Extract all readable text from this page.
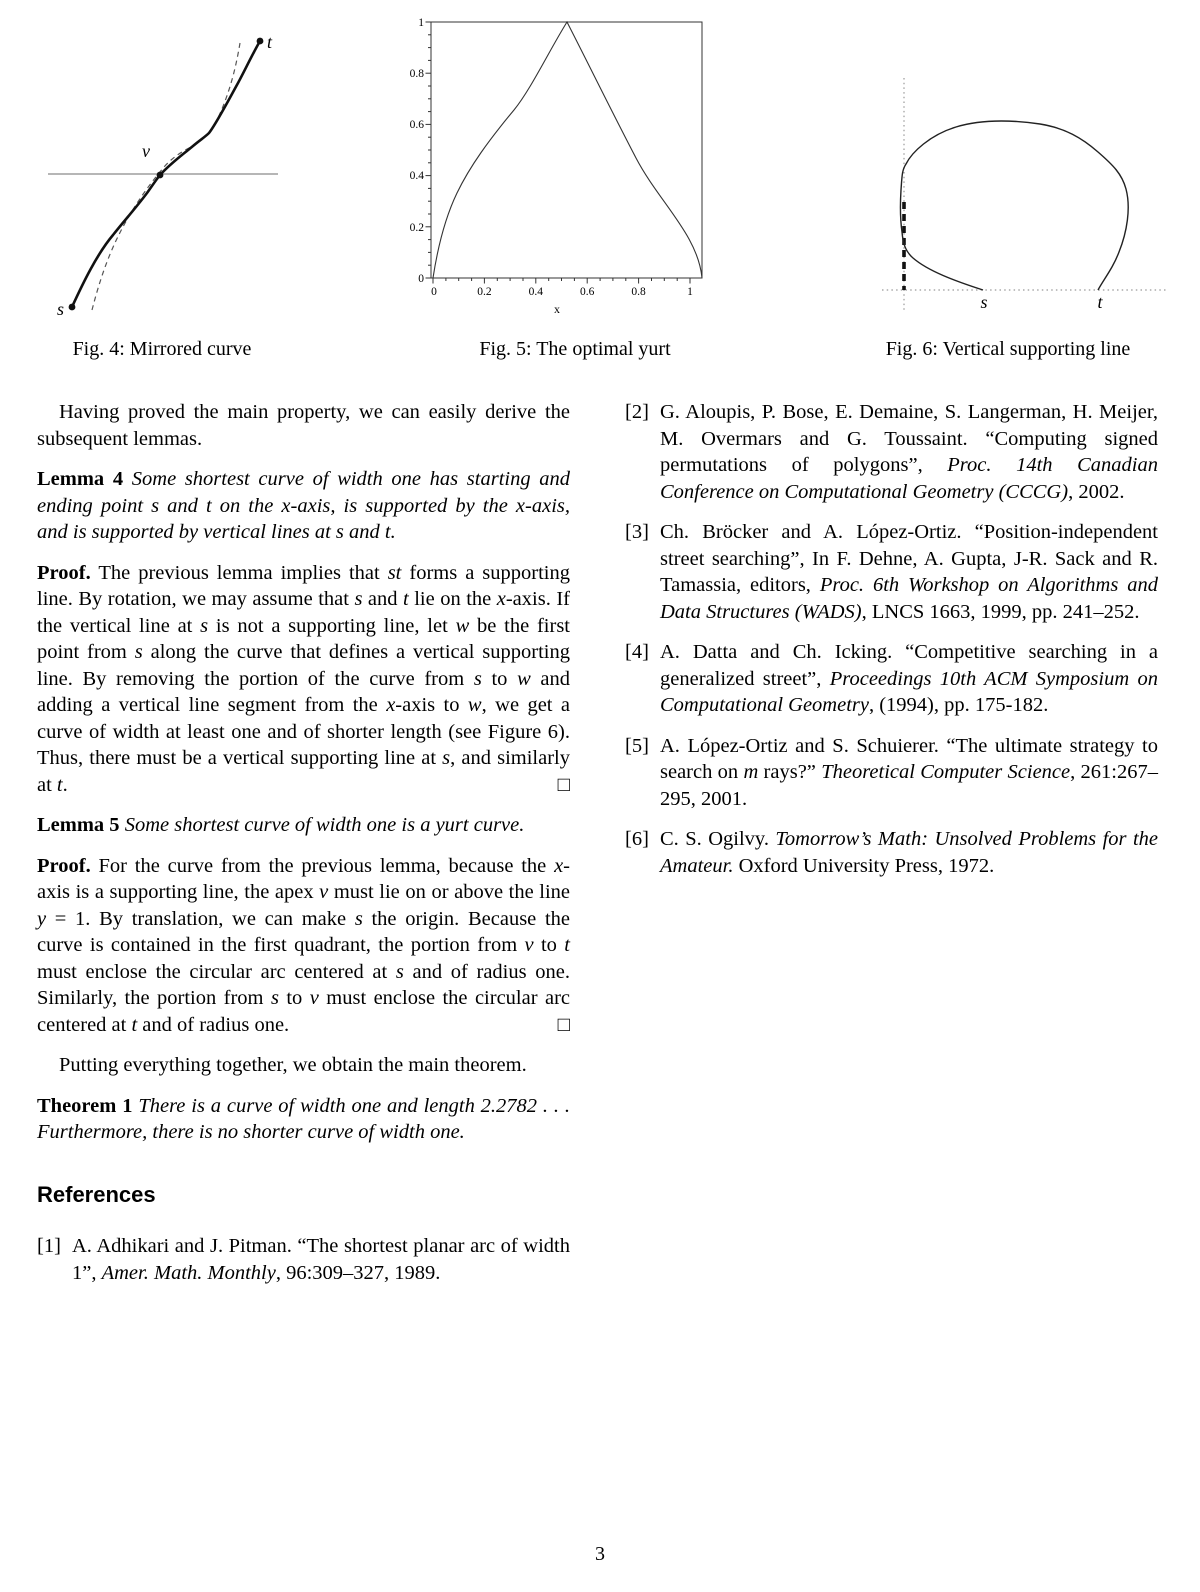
s
v
t
Fig. 4: Mirrored curve
1
0.8
0.6
0.4
0.2
0
0	0.2	0.4	0.6	0.8	1
x
Fig. 5: The optimal yurt
s	t
Fig. 6: Vertical supporting line
Having proved the main property, we can easily derive the subsequent lemmas.
Lemma 4 Some shortest curve of width one has starting and ending point s and t on the x-axis, is supported by the x-axis, and is supported by vertical lines at s and t.
Proof. The previous lemma implies that st forms a supporting line. By rotation, we may assume that s and t lie on the x-axis. If the vertical line at s is not a supporting line, let w be the first point from s along the curve that defines a vertical supporting line. By removing the portion of the curve from s to w and adding a vertical line segment from the x-axis to w, we get a curve of width at least one and of shorter length (see Figure 6). Thus, there must be a vertical supporting line at s, and similarly at t.	□
Lemma 5 Some shortest curve of width one is a yurt curve.
Proof. For the curve from the previous lemma, because the x-axis is a supporting line, the apex v must lie on or above the line y = 1. By translation, we can make s the origin. Because the curve is contained in the first quadrant, the portion from v to t must enclose the circular arc centered at s and of radius one. Similarly, the portion from s to v must enclose the circular arc centered at t and of radius one.	□
Putting everything together, we obtain the main theorem.
Theorem 1 There is a curve of width one and length 2.2782 . . . Furthermore, there is no shorter curve of width one.
References
[1] A. Adhikari and J. Pitman. “The shortest planar arc of width 1”, Amer. Math. Monthly, 96:309–327, 1989.
[2] G. Aloupis, P. Bose, E. Demaine, S. Langerman, H. Meijer, M. Overmars and G. Toussaint. “Computing signed permutations of polygons”, Proc. 14th Canadian Conference on Computational Geometry (CCCG), 2002.
[3] Ch. Bröcker and A. López-Ortiz. “Position-independent street searching”, In F. Dehne, A. Gupta, J-R. Sack and R. Tamassia, editors, Proc. 6th Workshop on Algorithms and Data Structures (WADS), LNCS 1663, 1999, pp. 241–252.
[4] A. Datta and Ch. Icking. “Competitive searching in a generalized street”, Proceedings 10th ACM Symposium on Computational Geometry, (1994), pp. 175-182.
[5] A. López-Ortiz and S. Schuierer. “The ultimate strategy to search on m rays?” Theoretical Computer Science, 261:267–295, 2001.
[6] C. S. Ogilvy. Tomorrow’s Math: Unsolved Problems for the Amateur. Oxford University Press, 1972.
3
